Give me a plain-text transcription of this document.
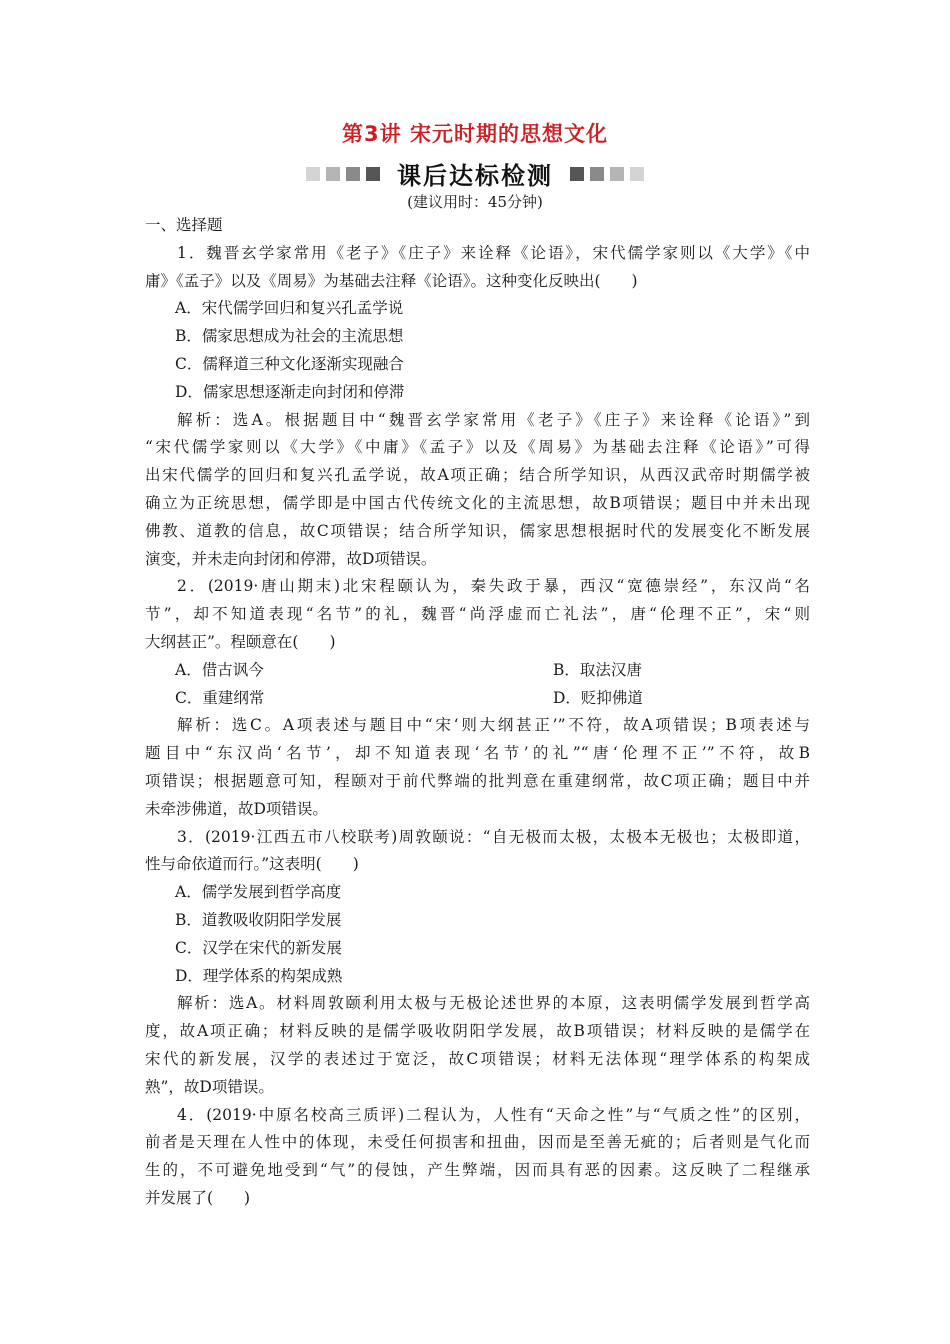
第3讲 宋元时期的思想文化
课后达标检测
(建议用时：45分钟)
一、选择题
1．魏晋玄学家常用《老子》《庄子》来诠释《论语》，宋代儒学家则以《大学》《中
庸》《孟子》以及《周易》为基础去注释《论语》。这种变化反映出(　　)
A．宋代儒学回归和复兴孔孟学说
B．儒家思想成为社会的主流思想
C．儒释道三种文化逐渐实现融合
D．儒家思想逐渐走向封闭和停滞
解析：选A。根据题目中“魏晋玄学家常用《老子》《庄子》来诠释《论语》”到
“宋代儒学家则以《大学》《中庸》《孟子》以及《周易》为基础去注释《论语》”可得
出宋代儒学的回归和复兴孔孟学说，故A项正确；结合所学知识，从西汉武帝时期儒学被
确立为正统思想，儒学即是中国古代传统文化的主流思想，故B项错误；题目中并未出现
佛教、道教的信息，故C项错误；结合所学知识，儒家思想根据时代的发展变化不断发展
演变，并未走向封闭和停滞，故D项错误。
2．(2019·唐山期末)北宋程颐认为，秦失政于暴，西汉“宽德崇经”，东汉尚“名
节”，却不知道表现“名节”的礼，魏晋“尚浮虚而亡礼法”，唐“伦理不正”，宋“则
大纲甚正”。程颐意在(　　)
A．借古讽今	B．取法汉唐
C．重建纲常	D．贬抑佛道
解析：选C。A项表述与题目中“宋‘则大纲甚正’”不符，故A项错误；B项表述与
题目中“东汉尚‘名节’，却不知道表现‘名节’的礼”“唐‘伦理不正’”不符，故B
项错误；根据题意可知，程颐对于前代弊端的批判意在重建纲常，故C项正确；题目中并
未牵涉佛道，故D项错误。
3．(2019·江西五市八校联考)周敦颐说：“自无极而太极，太极本无极也；太极即道，
性与命依道而行。”这表明(　　)
A．儒学发展到哲学高度
B．道教吸收阴阳学发展
C．汉学在宋代的新发展
D．理学体系的构架成熟
解析：选A。材料周敦颐利用太极与无极论述世界的本原，这表明儒学发展到哲学高
度，故A项正确；材料反映的是儒学吸收阴阳学发展，故B项错误；材料反映的是儒学在
宋代的新发展，汉学的表述过于宽泛，故C项错误；材料无法体现“理学体系的构架成
熟”，故D项错误。
4．(2019·中原名校高三质评)二程认为，人性有“天命之性”与“气质之性”的区别，
前者是天理在人性中的体现，未受任何损害和扭曲，因而是至善无疵的；后者则是气化而
生的，不可避免地受到“气”的侵蚀，产生弊端，因而具有恶的因素。这反映了二程继承
并发展了(　　)
